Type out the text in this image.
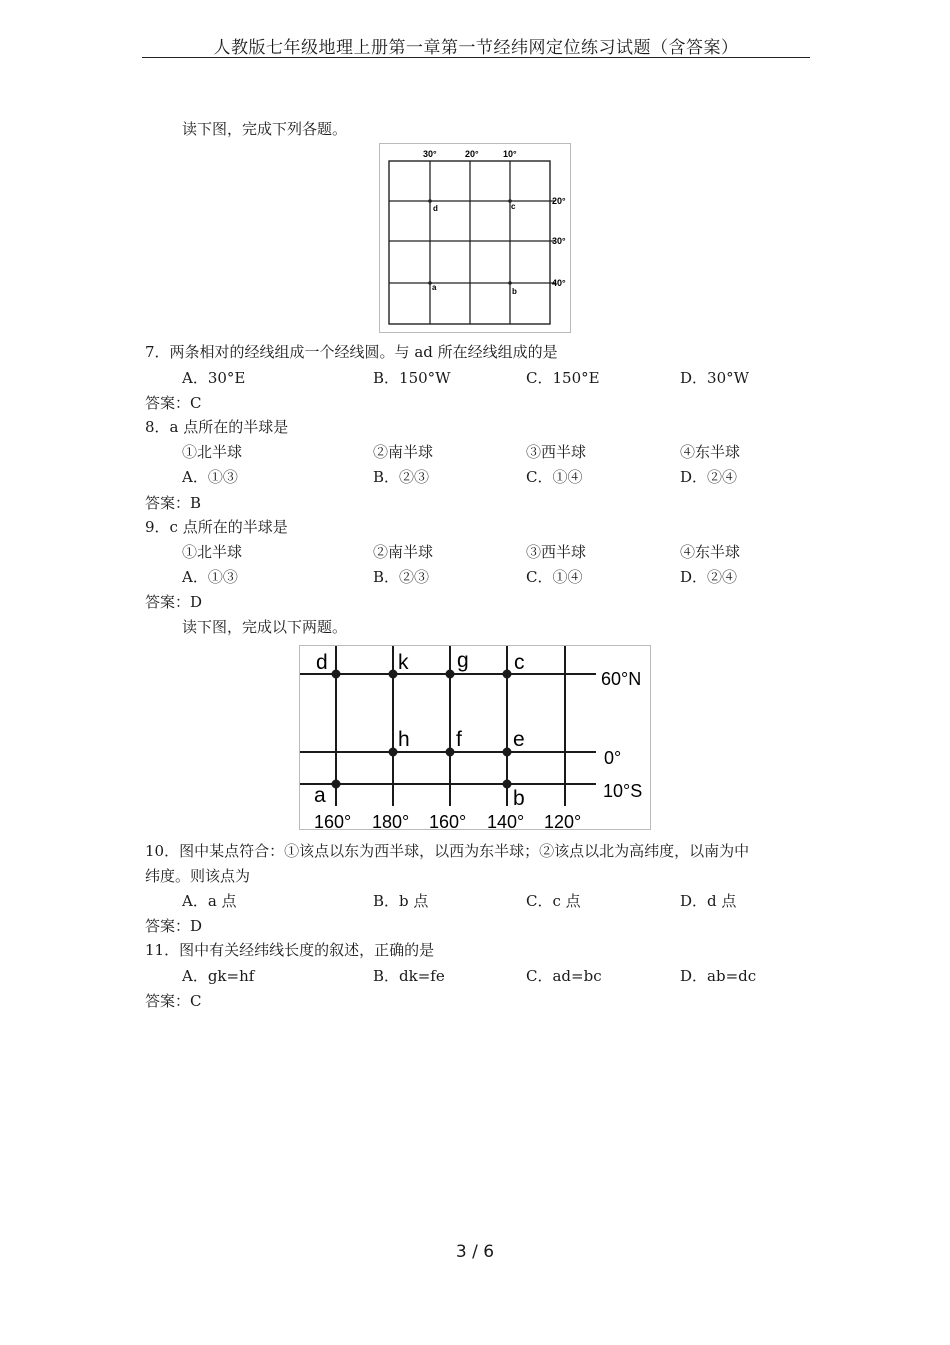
人教版七年级地理上册第一章第一节经纬网定位练习试题（含答案）
读下图，完成下列各题。
30°	20°	10°
20°
30°
40°
d	c
a	b
7．两条相对的经线组成一个经线圆。与 ad 所在经线组成的是
A．30°E	B．150°W	C．150°E	D．30°W
答案：C
8．a 点所在的半球是
①北半球	②南半球	③西半球	④东半球
A．①③	B．②③	C．①④	D．②④
答案：B
9．c 点所在的半球是
①北半球	②南半球	③西半球	④东半球
A．①③	B．②③	C．①④	D．②④
答案：D
读下图，完成以下两题。
d	k g c
h f e
a	b
60°N
0°
10°S
160° 180° 160° 140° 120°
10．图中某点符合：①该点以东为西半球，以西为东半球；②该点以北为高纬度，以南为中
纬度。则该点为
A．a 点	B．b 点	C．c 点	D．d 点
答案：D
11．图中有关经纬线长度的叙述，正确的是
A．gk=hf	B．dk=fe	C．ad=bc	D．ab=dc
答案：C
3 / 6
